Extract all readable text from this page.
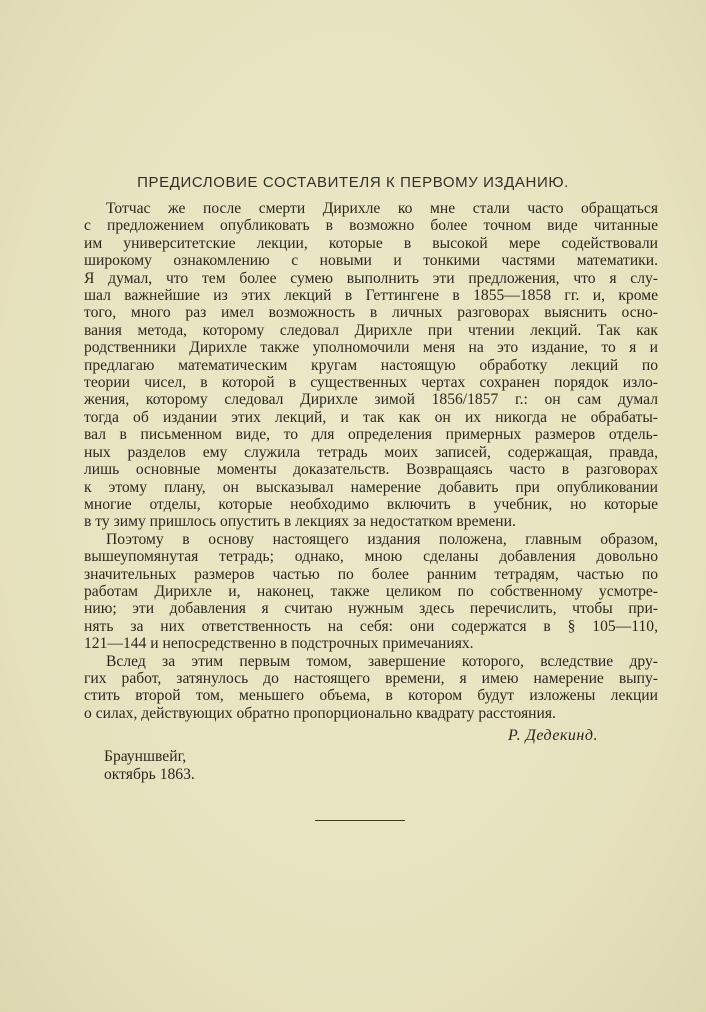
ПРЕДИСЛОВИЕ СОСТАВИТЕЛЯ К ПЕРВОМУ ИЗДАНИЮ.
Тотчас же после смерти Дирихле ко мне стали часто обращаться
с предложением опубликовать в возможно более точном виде читанные
им университетские лекции, которые в высокой мере содействовали
широкому ознакомлению с новыми и тонкими частями математики.
Я думал, что тем более сумею выполнить эти предложения, что я слу-
шал важнейшие из этих лекций в Геттингене в 1855—1858 гг. и, кроме
того, много раз имел возможность в личных разговорах выяснить осно-
вания метода, которому следовал Дирихле при чтении лекций. Так как
родственники Дирихле также уполномочили меня на это издание, то я и
предлагаю математическим кругам настоящую обработку лекций по
теории чисел, в которой в существенных чертах сохранен порядок изло-
жения, которому следовал Дирихле зимой 1856/1857 г.: он сам думал
тогда об издании этих лекций, и так как он их никогда не обрабаты-
вал в письменном виде, то для определения примерных размеров отдель-
ных разделов ему служила тетрадь моих записей, содержащая, правда,
лишь основные моменты доказательств. Возвращаясь часто в разговорах
к этому плану, он высказывал намерение добавить при опубликовании
многие отделы, которые необходимо включить в учебник, но которые
в ту зиму пришлось опустить в лекциях за недостатком времени.
Поэтому в основу настоящего издания положена, главным образом,
вышеупомянутая тетрадь; однако, мною сделаны добавления довольно
значительных размеров частью по более ранним тетрадям, частью по
работам Дирихле и, наконец, также целиком по собственному усмотре-
нию; эти добавления я считаю нужным здесь перечислить, чтобы при-
нять за них ответственность на себя: они содержатся в § 105—110,
121—144 и непосредственно в подстрочных примечаниях.
Вслед за этим первым томом, завершение которого, вследствие дру-
гих работ, затянулось до настоящего времени, я имею намерение выпу-
стить второй том, меньшего объема, в котором будут изложены лекции
о силах, действующих обратно пропорционально квадрату расстояния.
Р. Дедекинд.
Брауншвейг,
октябрь 1863.
